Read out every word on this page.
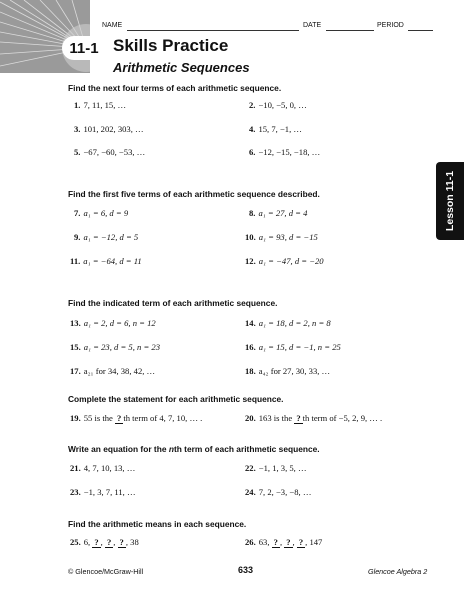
11-1 Skills Practice
Arithmetic Sequences
NAME	DATE	PERIOD
Lesson 11-1
Find the next four terms of each arithmetic sequence.
1. 7, 11, 15, …	2. −10, −5, 0, …
3. 101, 202, 303, …	4. 15, 7, −1, …
5. −67, −60, −53, …	6. −12, −15, −18, …
Find the first five terms of each arithmetic sequence described.
7. a₁ = 6, d = 9	8. a₁ = 27, d = 4
9. a₁ = −12, d = 5	10. a₁ = 93, d = −15
11. a₁ = −64, d = 11	12. a₁ = −47, d = −20
Find the indicated term of each arithmetic sequence.
13. a₁ = 2, d = 6, n = 12	14. a₁ = 18, d = 2, n = 8
15. a₁ = 23, d = 5, n = 23	16. a₁ = 15, d = −1, n = 25
17. a₂₁ for 34, 38, 42, …	18. a₄₂ for 27, 30, 33, …
Complete the statement for each arithmetic sequence.
19. 55 is the ? th term of 4, 7, 10, … .	20. 163 is the ? th term of −5, 2, 9, … .
Write an equation for the nth term of each arithmetic sequence.
21. 4, 7, 10, 13, …	22. −1, 1, 3, 5, …
23. −1, 3, 7, 11, …	24. 7, 2, −3, −8, …
Find the arithmetic means in each sequence.
25. 6, ? , ? , ? , 38	26. 63, ? , ? , ? , 147
© Glencoe/McGraw-Hill	633	Glencoe Algebra 2
